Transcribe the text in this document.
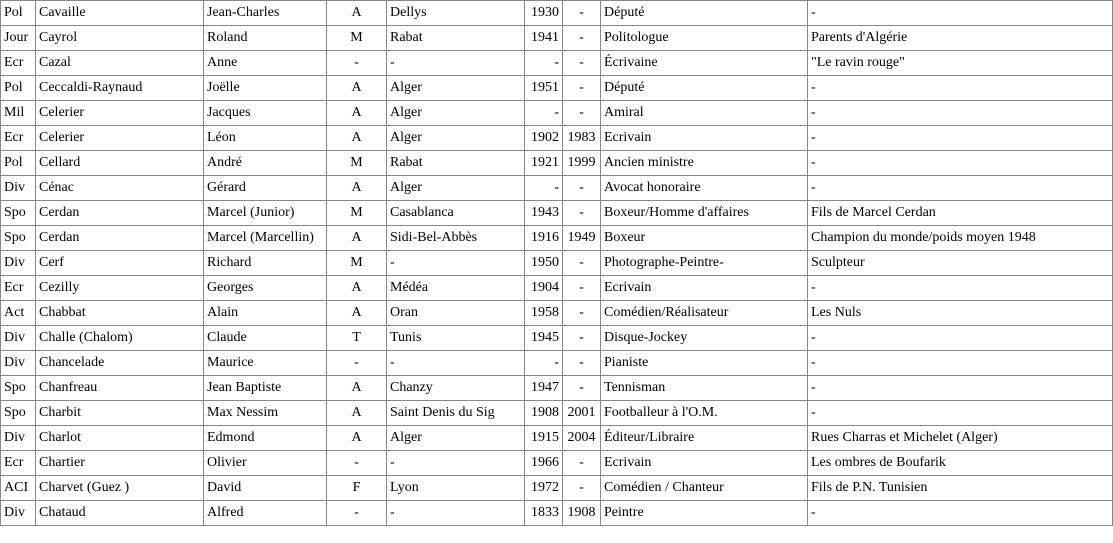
Pol	Cavaille	Jean-Charles	A	Dellys	1930	-	Député	-
Jour	Cayrol	Roland	M	Rabat	1941	-	Politologue	Parents d'Algérie
Ecr	Cazal	Anne	-	-	-	-	Écrivaine	"Le ravin rouge"
Pol	Ceccaldi-Raynaud	Joëlle	A	Alger	1951	-	Député	-
Mil	Celerier	Jacques	A	Alger	-	-	Amiral	-
Ecr	Celerier	Léon	A	Alger	1902	1983	Ecrivain	-
Pol	Cellard	André	M	Rabat	1921	1999	Ancien ministre	-
Div	Cénac	Gérard	A	Alger	-	-	Avocat honoraire	-
Spo	Cerdan	Marcel (Junior)	M	Casablanca	1943	-	Boxeur/Homme d'affaires	Fils de Marcel Cerdan
Spo	Cerdan	Marcel (Marcellin)	A	Sidi-Bel-Abbès	1916	1949	Boxeur	Champion du monde/poids moyen 1948
Div	Cerf	Richard	M	-	1950	-	Photographe-Peintre-	Sculpteur
Ecr	Cezilly	Georges	A	Médéa	1904	-	Ecrivain	-
Act	Chabbat	Alain	A	Oran	1958	-	Comédien/Réalisateur	Les Nuls
Div	Challe (Chalom)	Claude	T	Tunis	1945	-	Disque-Jockey	-
Div	Chancelade	Maurice	-	-	-	-	Pianiste	-
Spo	Chanfreau	Jean Baptiste	A	Chanzy	1947	-	Tennisman	-
Spo	Charbit	Max Nessim	A	Saint Denis du Sig	1908	2001	Footballeur à l'O.M.	-
Div	Charlot	Edmond	A	Alger	1915	2004	Éditeur/Libraire	Rues Charras et Michelet (Alger)
Ecr	Chartier	Olivier	-	-	1966	-	Ecrivain	Les ombres de Boufarik
ACI	Charvet (Guez )	David	F	Lyon	1972	-	Comédien / Chanteur	Fils de P.N. Tunisien
Div	Chataud	Alfred	-	-	1833	1908	Peintre	-
